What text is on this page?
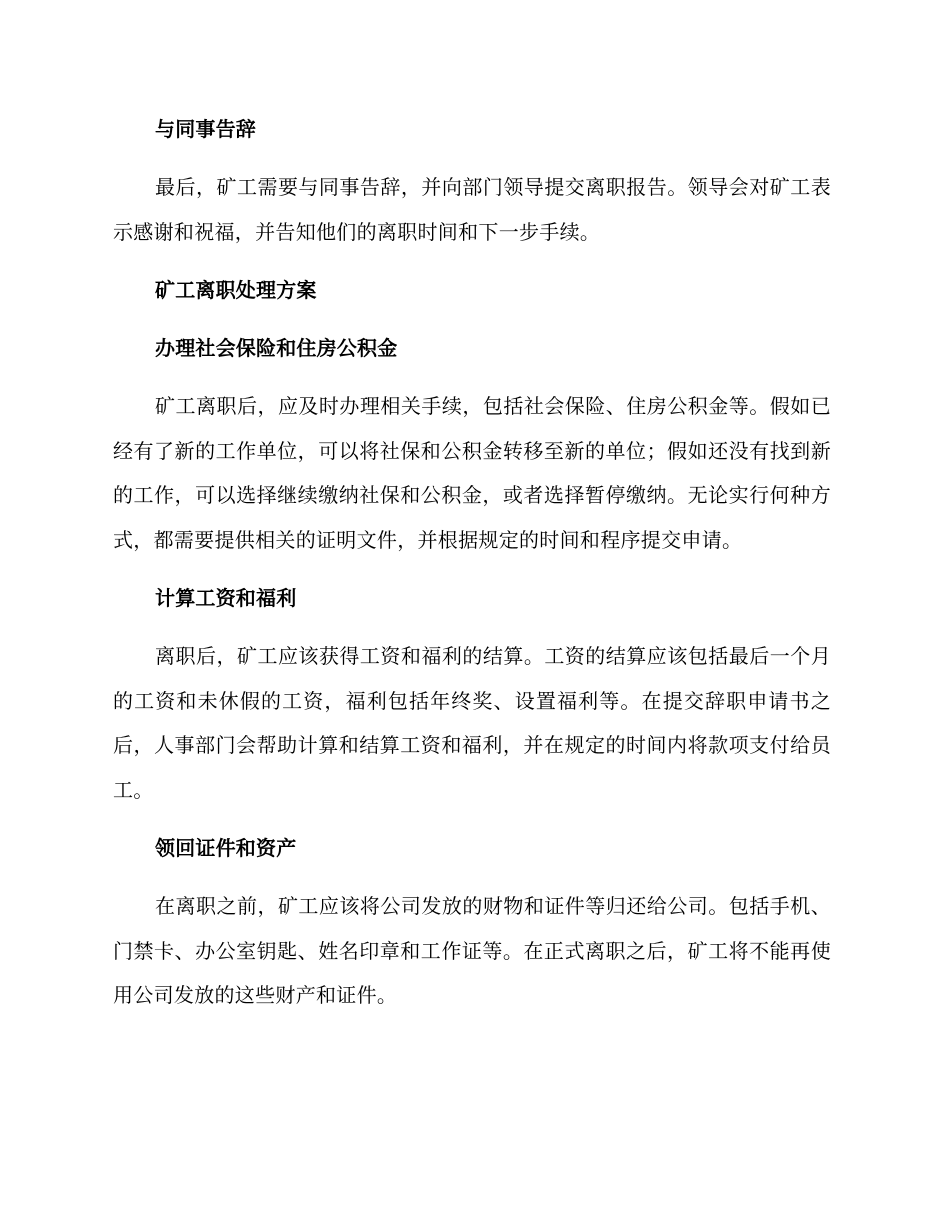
与同事告辞
最后，矿工需要与同事告辞，并向部门领导提交离职报告。领导会对矿工表示感谢和祝福，并告知他们的离职时间和下一步手续。
矿工离职处理方案
办理社会保险和住房公积金
矿工离职后，应及时办理相关手续，包括社会保险、住房公积金等。假如已经有了新的工作单位，可以将社保和公积金转移至新的单位；假如还没有找到新的工作，可以选择继续缴纳社保和公积金，或者选择暂停缴纳。无论实行何种方式，都需要提供相关的证明文件，并根据规定的时间和程序提交申请。
计算工资和福利
离职后，矿工应该获得工资和福利的结算。工资的结算应该包括最后一个月的工资和未休假的工资，福利包括年终奖、设置福利等。在提交辞职申请书之后，人事部门会帮助计算和结算工资和福利，并在规定的时间内将款项支付给员工。
领回证件和资产
在离职之前，矿工应该将公司发放的财物和证件等归还给公司。包括手机、门禁卡、办公室钥匙、姓名印章和工作证等。在正式离职之后，矿工将不能再使用公司发放的这些财产和证件。
